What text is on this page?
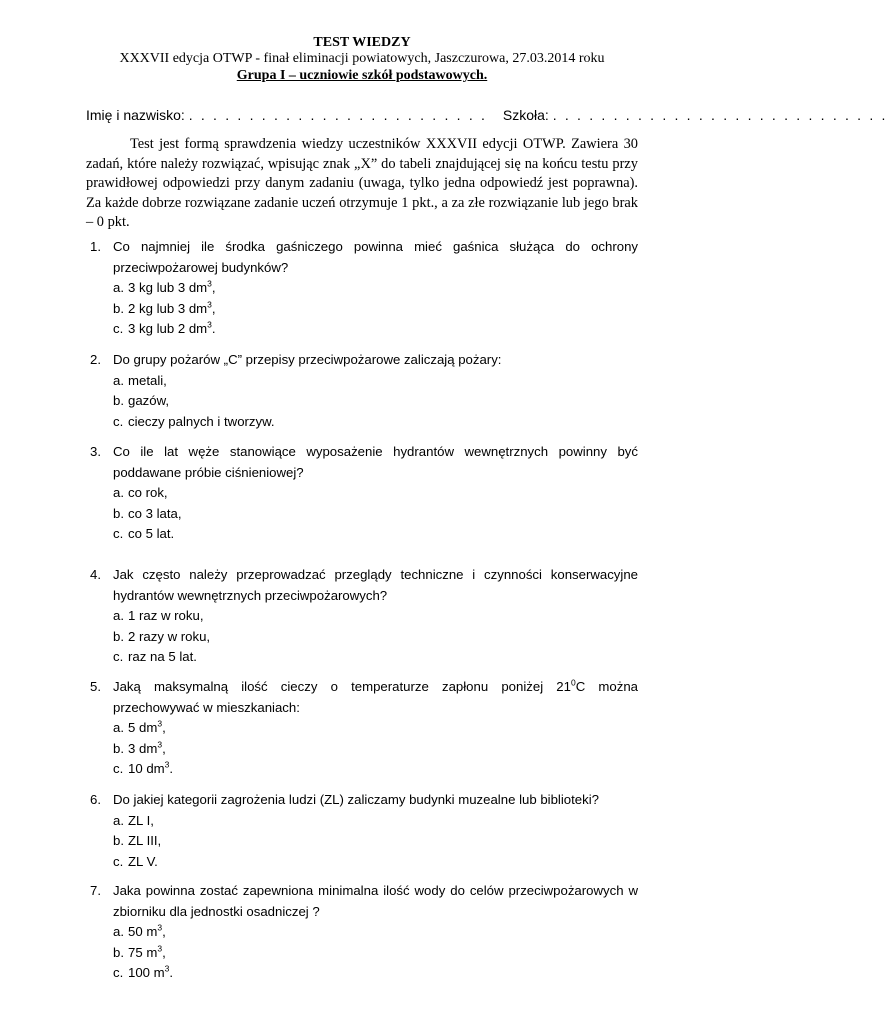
TEST WIEDZY
XXXVII edycja OTWP - finał eliminacji powiatowych, Jaszczurowa, 27.03.2014 roku
Grupa I – uczniowie szkół podstawowych.
Imię i nazwisko: . . . . . . . . . . . . . . . . . . . . . . . . . Szkoła: . . . . . . . . . . . . . . . . . . . . . . . . . . . .

Test jest formą sprawdzenia wiedzy uczestników XXXVII edycji OTWP. Zawiera 30 zadań, które należy rozwiązać, wpisując znak „X” do tabeli znajdującej się na końcu testu przy prawidłowej odpowiedzi przy danym zadaniu (uwaga, tylko jedna odpowiedź jest poprawna). Za każde dobrze rozwiązane zadanie uczeń otrzymuje 1 pkt., a za złe rozwiązanie lub jego brak – 0 pkt.

1. Co najmniej ile środka gaśniczego powinna mieć gaśnica służąca do ochrony przeciwpożarowej budynków?
a. 3 kg lub 3 $dm^3$,
b. 2 kg lub 3 $dm^3$,
c. 3 kg lub 2 $dm^3$.
2. Do grupy pożarów „C” przepisy przeciwpożarowe zaliczają pożary:
a. metali,
b. gazów,
c. cieczy palnych i tworzyw.
3. Co ile lat węże stanowiące wyposażenie hydrantów wewnętrznych powinny być poddawane próbie ciśnieniowej?
a. co rok,
b. co 3 lata,
c. co 5 lat.
4. Jak często należy przeprowadzać przeglądy techniczne i czynności konserwacyjne hydrantów wewnętrznych przeciwpożarowych?
a. 1 raz w roku,
b. 2 razy w roku,
c. raz na 5 lat.
5. Jaką maksymalną ilość cieczy o temperaturze zapłonu poniżej $21^0C$ można przechowywać w mieszkaniach:
a. 5 $dm^3$,
b. 3 $dm^3$,
c. 10 $dm^3$.
6. Do jakiej kategorii zagrożenia ludzi (ZL) zaliczamy budynki muzealne lub biblioteki?
a. ZL I,
b. ZL III,
c. ZL V.
7. Jaka powinna zostać zapewniona minimalna ilość wody do celów przeciwpożarowych w zbiorniku dla jednostki osadniczej ?
a. 50 $m^3$,
b. 75 $m^3$,
c. 100 $m^3$.
